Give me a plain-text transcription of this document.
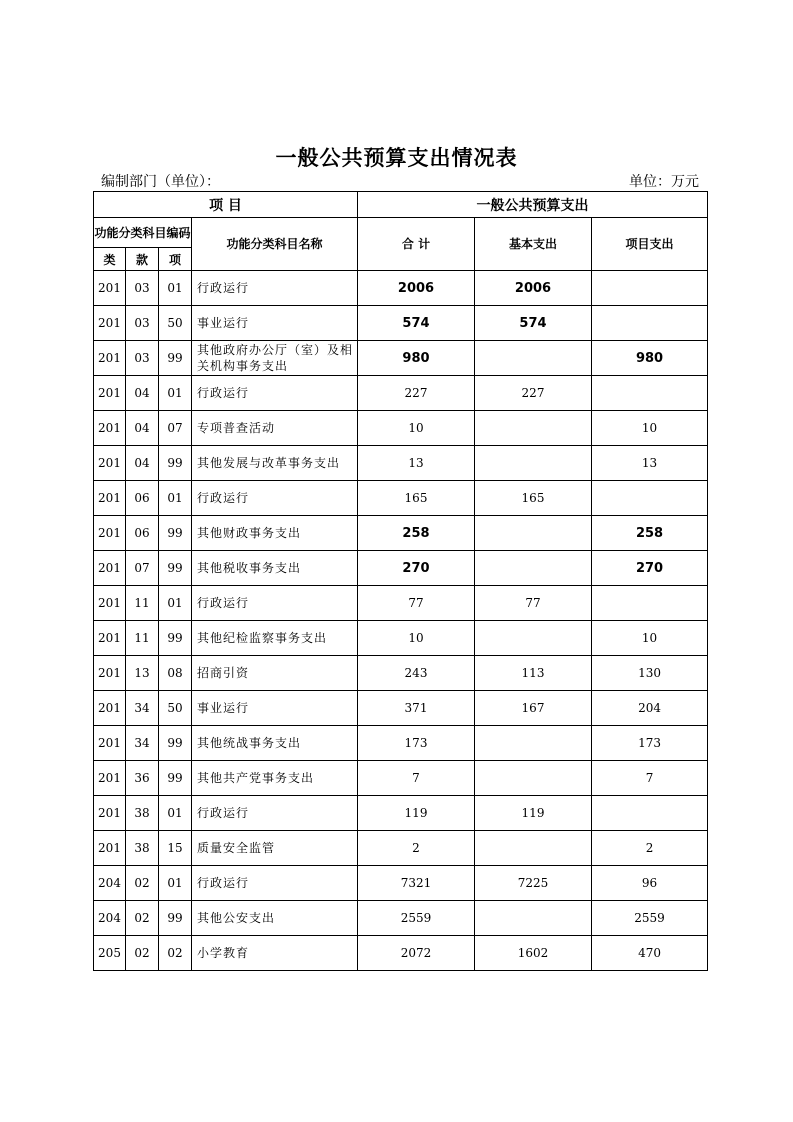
一般公共预算支出情况表
编制部门（单位）：	单位：万元
项 目				一般公共预算支出		
功能分类科目编码			功能分类科目名称	合 计	基本支出	项目支出
类	款	项				
201	03	01	行政运行	2006	2006	
201	03	50	事业运行	574	574	
201	03	99	其他政府办公厅（室）及相关机构事务支出	980		980
201	04	01	行政运行	227	227	
201	04	07	专项普查活动	10		10
201	04	99	其他发展与改革事务支出	13		13
201	06	01	行政运行	165	165	
201	06	99	其他财政事务支出	258		258
201	07	99	其他税收事务支出	270		270
201	11	01	行政运行	77	77	
201	11	99	其他纪检监察事务支出	10		10
201	13	08	招商引资	243	113	130
201	34	50	事业运行	371	167	204
201	34	99	其他统战事务支出	173		173
201	36	99	其他共产党事务支出	7		7
201	38	01	行政运行	119	119	
201	38	15	质量安全监管	2		2
204	02	01	行政运行	7321	7225	96
204	02	99	其他公安支出	2559		2559
205	02	02	小学教育	2072	1602	470
